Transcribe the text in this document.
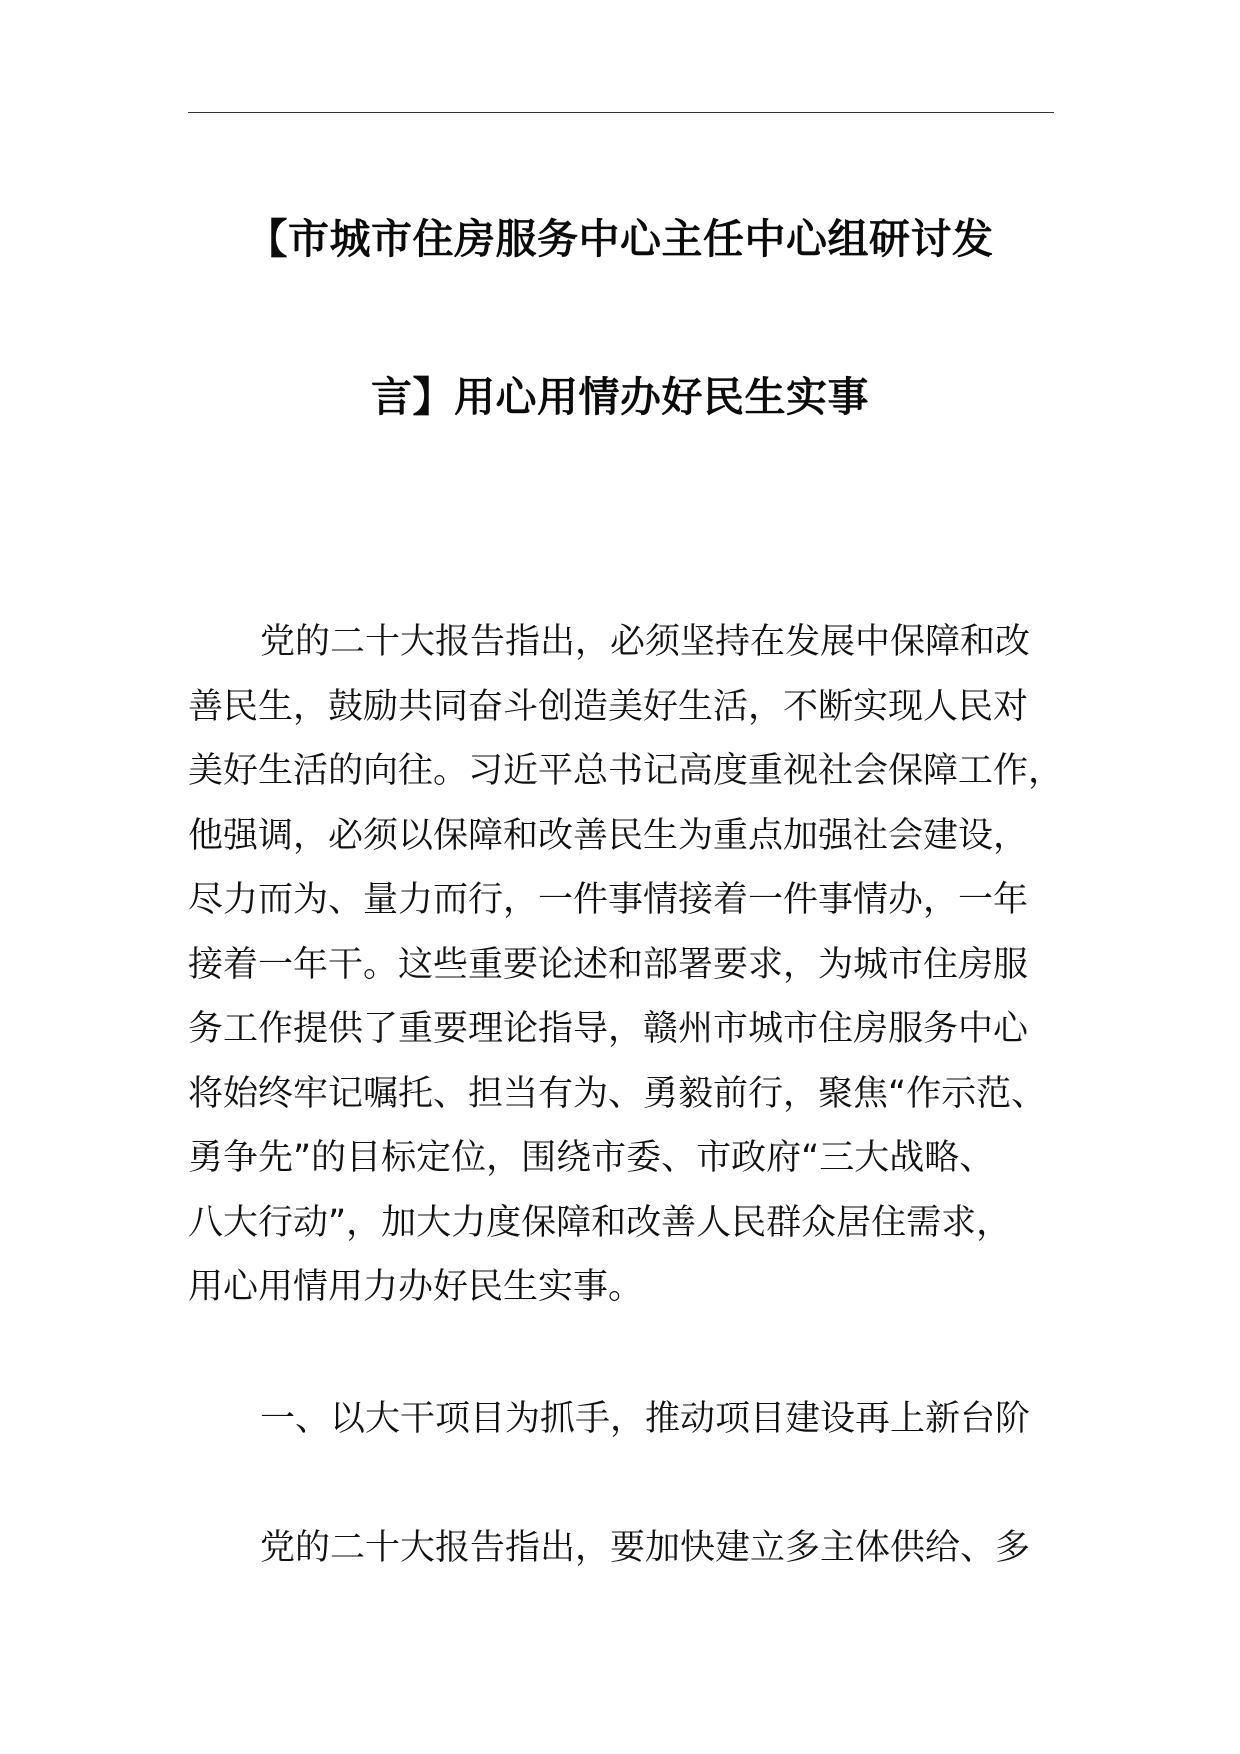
【市城市住房服务中心主任中心组研讨发
言】用心用情办好民生实事
党的二十大报告指出，必须坚持在发展中保障和改
善民生，鼓励共同奋斗创造美好生活，不断实现人民对
美好生活的向往。习近平总书记高度重视社会保障工作，
他强调，必须以保障和改善民生为重点加强社会建设，
尽力而为、量力而行，一件事情接着一件事情办，一年
接着一年干。这些重要论述和部署要求，为城市住房服
务工作提供了重要理论指导，赣州市城市住房服务中心
将始终牢记嘱托、担当有为、勇毅前行，聚焦“作示范、
勇争先”的目标定位，围绕市委、市政府“三大战略、
八大行动”，加大力度保障和改善人民群众居住需求，
用心用情用力办好民生实事。
一、以大干项目为抓手，推动项目建设再上新台阶
党的二十大报告指出，要加快建立多主体供给、多
